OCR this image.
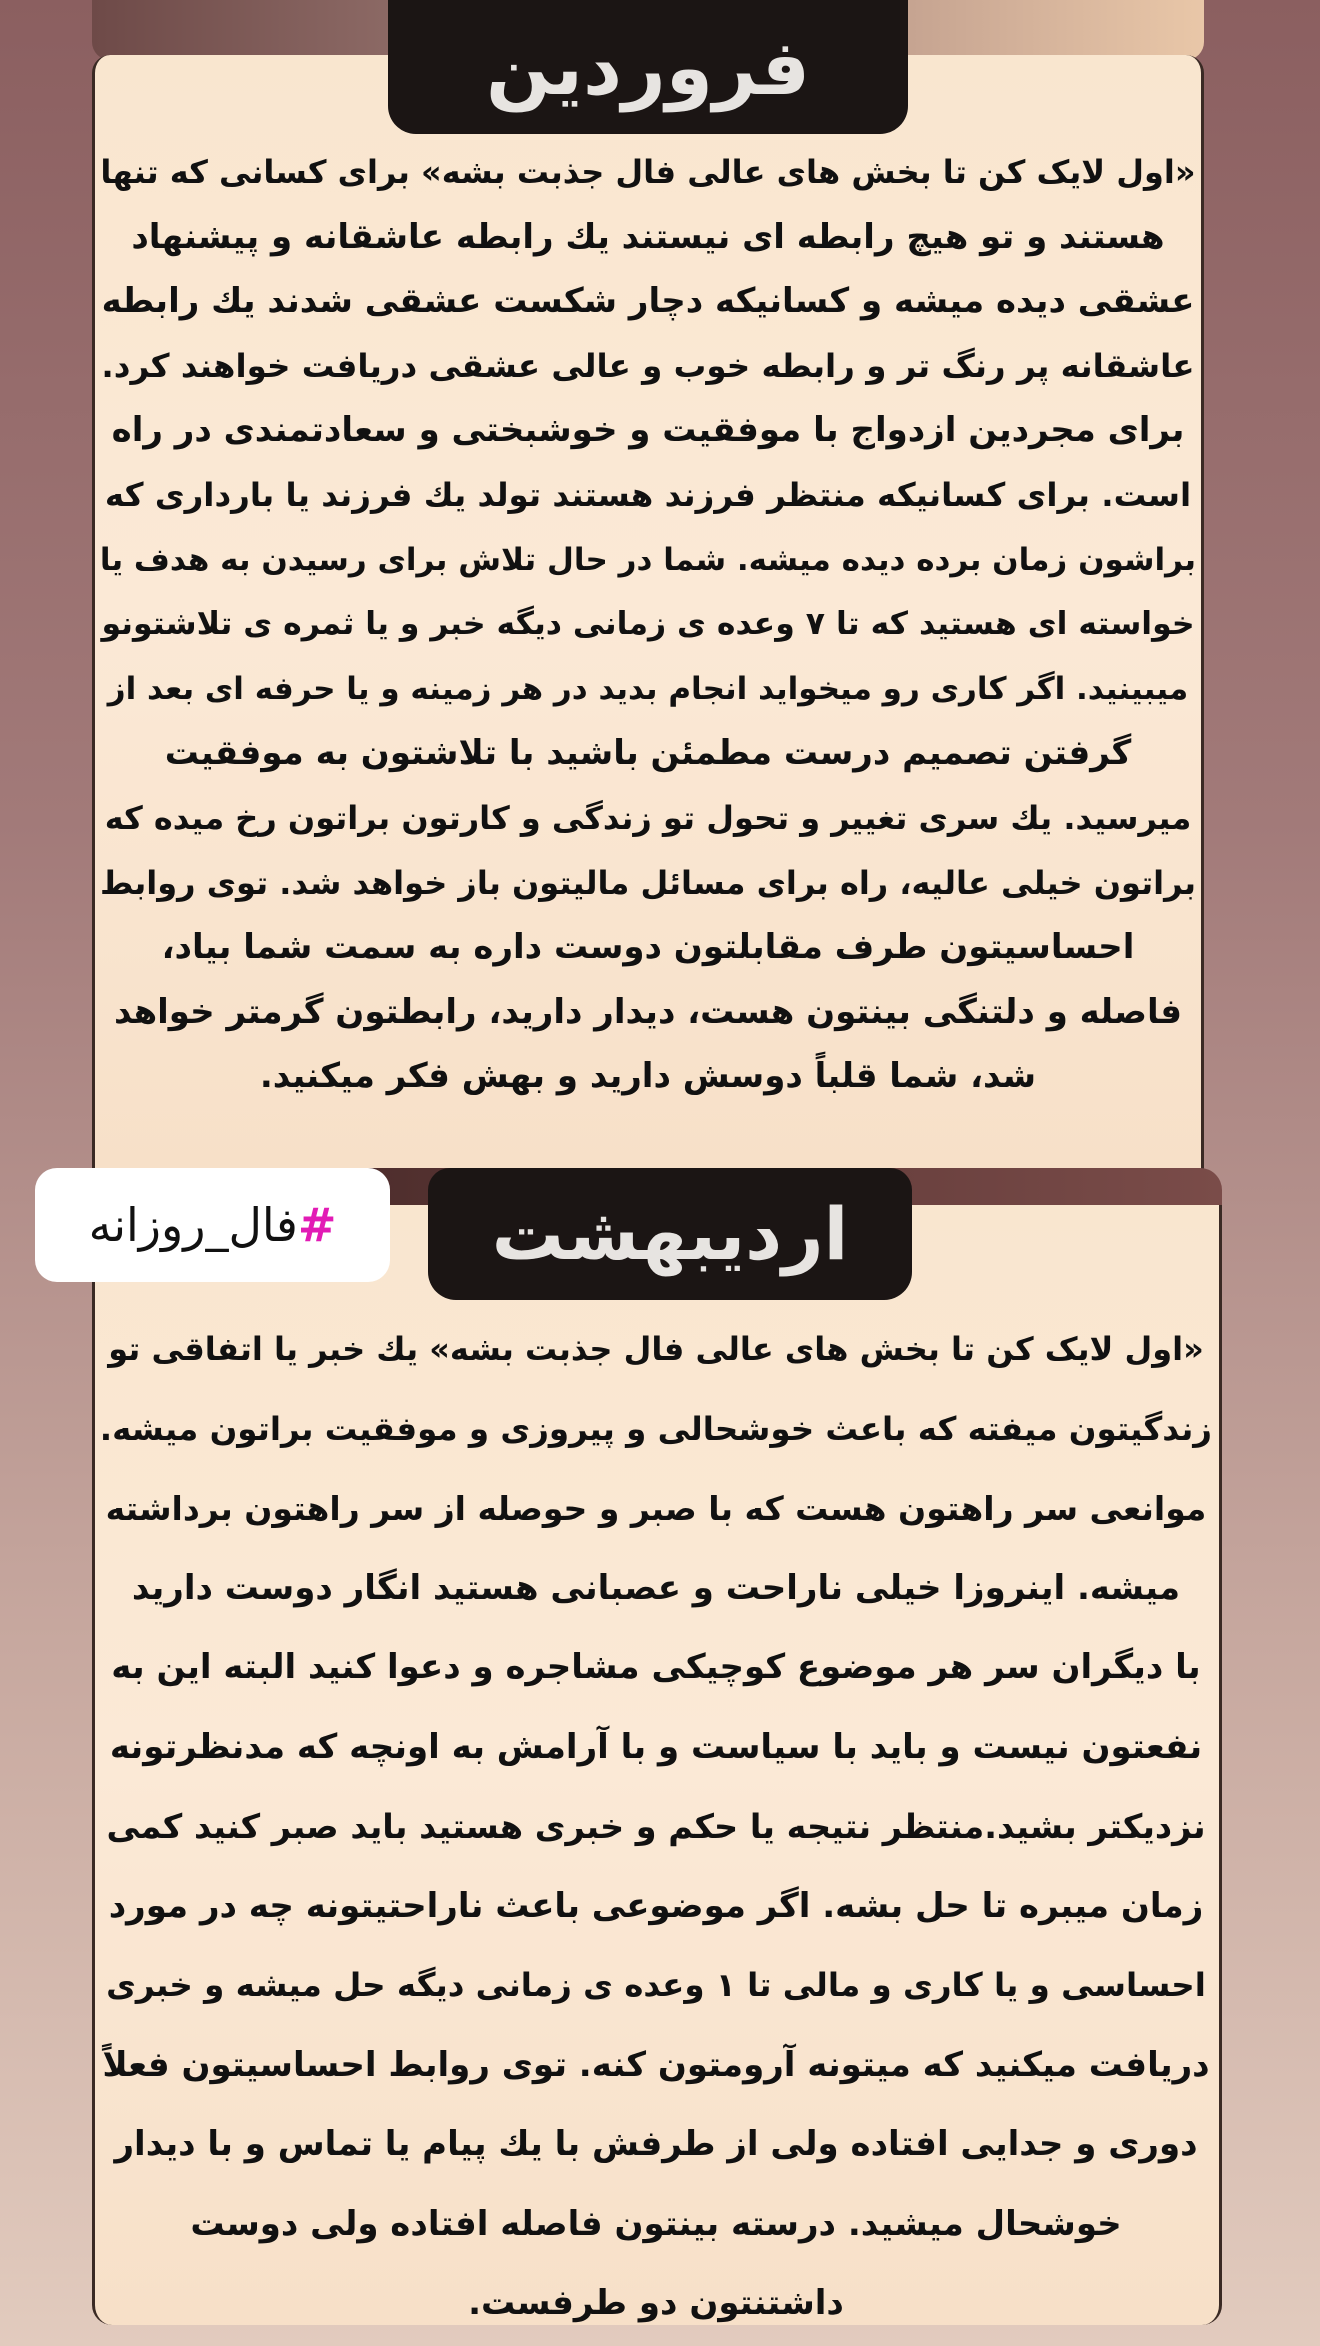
فروردین

«اول لایک کن تا بخش های عالی فال جذبت بشه» برای کسانی که تنها

هستند و تو هیچ رابطه ای نیستند یك رابطه عاشقانه و پیشنهاد

عشقی دیده میشه و کسانیکه دچار شکست عشقی شدند یك رابطه

عاشقانه پر رنگ تر و رابطه خوب و عالی عشقی دریافت خواهند کرد.

برای مجردین ازدواج با موفقیت و خوشبختی و سعادتمندی در راه

است. برای کسانیکه منتظر فرزند هستند تولد یك فرزند یا بارداری که

براشون زمان برده دیده میشه. شما در حال تلاش برای رسیدن به هدف یا

خواسته ای هستید که تا ۷ وعده ی زمانی دیگه خبر و یا ثمره ی تلاشتونو

میبینید. اگر کاری رو میخواید انجام بدید در هر زمینه و یا حرفه ای بعد از

گرفتن تصمیم درست مطمئن باشید با تلاشتون به موفقیت

میرسید. یك سری تغییر و تحول تو زندگی و کارتون براتون رخ میده که

براتون خیلی عالیه، راه برای مسائل مالیتون باز خواهد شد. توی روابط

احساسیتون طرف مقابلتون دوست داره به سمت شما بیاد،

فاصله و دلتنگی بینتون هست، دیدار دارید، رابطتون گرمتر خواهد

شد، شما قلباً دوسش دارید و بهش فکر میکنید.

اردیبهشت

«اول لایک کن تا بخش های عالی فال جذبت بشه» یك خبر یا اتفاقی تو

زندگیتون میفته که باعث خوشحالی و پیروزی و موفقیت براتون میشه.

موانعی سر راهتون هست که با صبر و حوصله از سر راهتون برداشته

میشه. اینروزا خیلی ناراحت و عصبانی هستید انگار دوست دارید

با دیگران سر هر موضوع کوچیکی مشاجره و دعوا کنید البته این به

نفعتون نیست و باید با سیاست و با آرامش به اونچه که مدنظرتونه

نزدیکتر بشید.منتظر نتیجه یا حکم و خبری هستید باید صبر کنید کمی

زمان میبره تا حل بشه. اگر موضوعی باعث ناراحتیتونه چه در مورد

احساسی و یا کاری و مالی تا ۱ وعده ی زمانی دیگه حل میشه و خبری

دریافت میکنید که میتونه آرومتون کنه. توی روابط احساسیتون فعلاً

دوری و جدایی افتاده ولی از طرفش با یك پیام یا تماس و با دیدار

خوشحال میشید. درسته بینتون فاصله افتاده ولی دوست

داشتنتون دو طرفست.

#
فال_روزانه
